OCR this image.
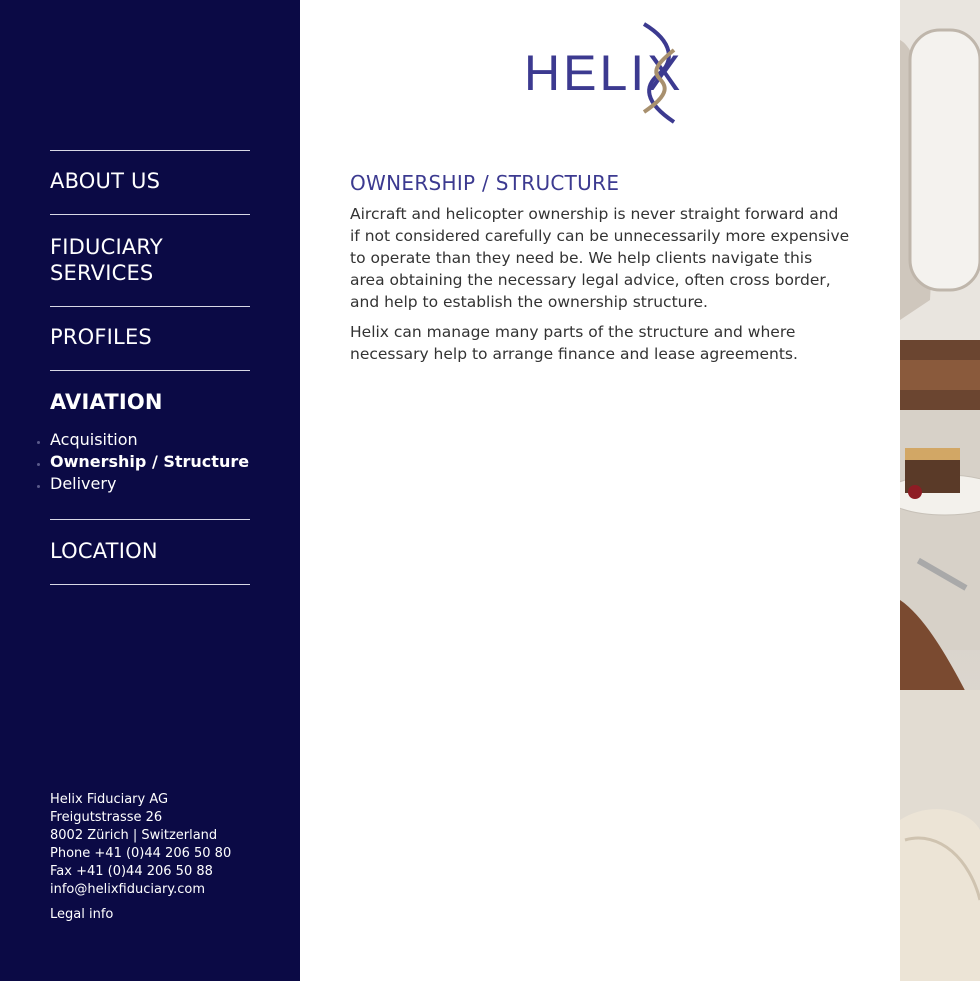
ABOUT US
FIDUCIARY
SERVICES
PROFILES
AVIATION
Acquisition
Ownership / Structure
Delivery
LOCATION
Helix Fiduciary AG
Freigutstrasse 26
8002 Zürich | Switzerland
Phone +41 (0)44 206 50 80
Fax +41 (0)44 206 50 88
info@helixfiduciary.com
Legal info
HELIX
OWNERSHIP / STRUCTURE

Aircraft and helicopter ownership is never straight forward and if not considered carefully can be unnecessarily more expensive to operate than they need be. We help clients navigate this area obtaining the necessary legal advice, often cross border, and help to establish the ownership structure.

Helix can manage many parts of the structure and where necessary help to arrange finance and lease agreements.
